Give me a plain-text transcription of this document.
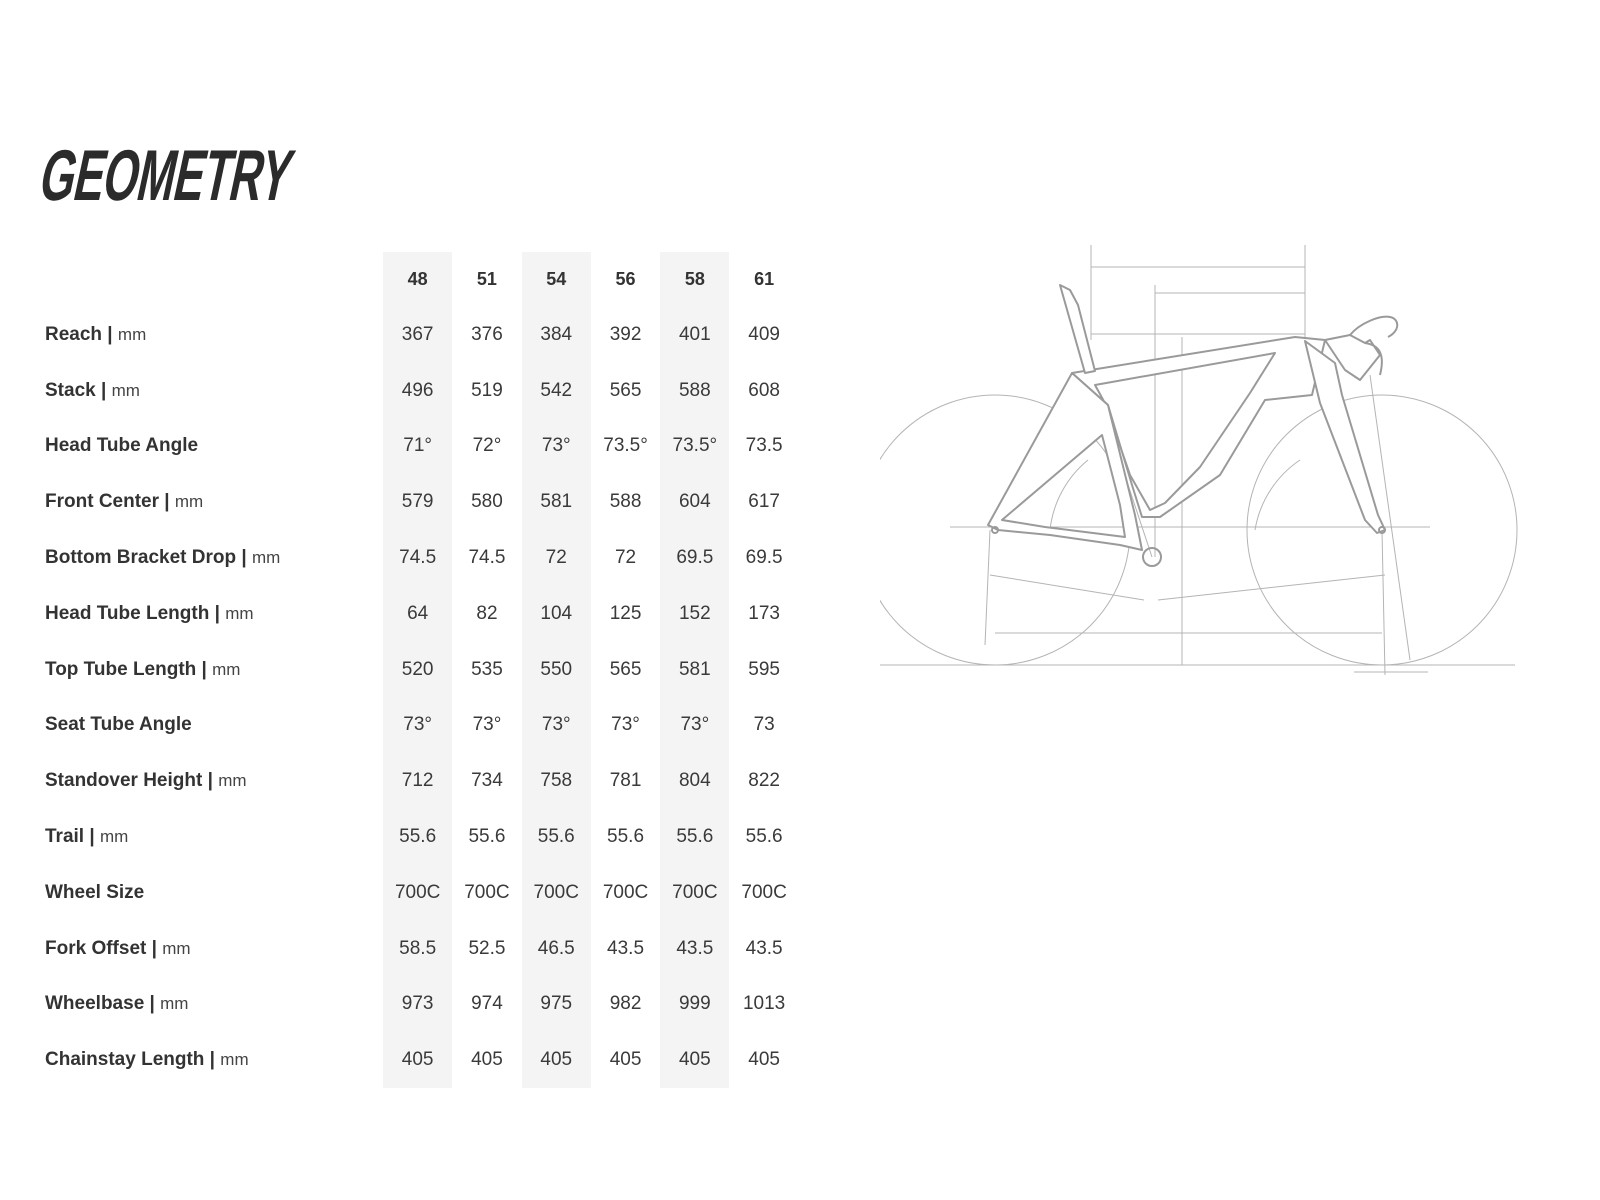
GEOMETRY
	48	51	54	56	58	61
Reach | mm	367	376	384	392	401	409
Stack | mm	496	519	542	565	588	608
Head Tube Angle	71°	72°	73°	73.5°	73.5°	73.5
Front Center | mm	579	580	581	588	604	617
Bottom Bracket Drop | mm	74.5	74.5	72	72	69.5	69.5
Head Tube Length | mm	64	82	104	125	152	173
Top Tube Length | mm	520	535	550	565	581	595
Seat Tube Angle	73°	73°	73°	73°	73°	73
Standover Height | mm	712	734	758	781	804	822
Trail | mm	55.6	55.6	55.6	55.6	55.6	55.6
Wheel Size	700C	700C	700C	700C	700C	700C
Fork Offset | mm	58.5	52.5	46.5	43.5	43.5	43.5
Wheelbase | mm	973	974	975	982	999	1013
Chainstay Length | mm	405	405	405	405	405	405
